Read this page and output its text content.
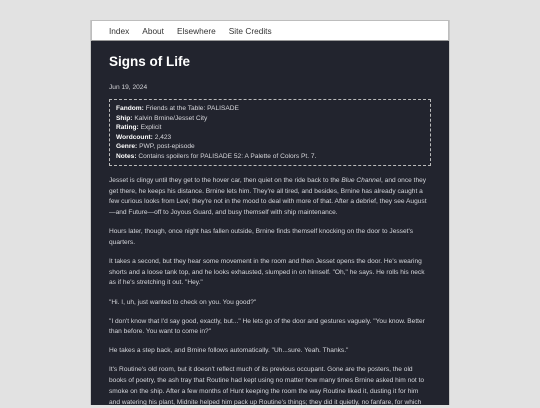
Index About Elsewhere Site Credits
Signs of Life
Jun 19, 2024
Fandom: Friends at the Table: PALISADE
Ship: Kalvin Brnine/Jesset City
Rating: Explicit
Wordcount: 2,423
Genre: PWP, post-episode
Notes: Contains spoilers for PALISADE 52: A Palette of Colors Pt. 7.

Jesset is clingy until they get to the hover car, then quiet on the ride back to the Blue Channel, and once they get there, he keeps his distance. Brnine lets him. They're all tired, and besides, Brnine has already caught a few curious looks from Levi; they're not in the mood to deal with more of that. After a debrief, they see August—and Future—off to Joyous Guard, and busy themself with ship maintenance.

Hours later, though, once night has fallen outside, Brnine finds themself knocking on the door to Jesset's quarters.

It takes a second, but they hear some movement in the room and then Jesset opens the door. He's wearing shorts and a loose tank top, and he looks exhausted, slumped in on himself. "Oh," he says. He rolls his neck as if he's stretching it out. "Hey."

"Hi. I, uh, just wanted to check on you. You good?"

"I don't know that I'd say good, exactly, but..." He lets go of the door and gestures vaguely. "You know. Better than before. You want to come in?"

He takes a step back, and Brnine follows automatically. "Uh...sure. Yeah. Thanks."

It's Routine's old room, but it doesn't reflect much of its previous occupant. Gone are the posters, the old books of poetry, the ash tray that Routine had kept using no matter how many times Brnine asked him not to smoke on the ship. After a few months of Hunt keeping the room the way Routine liked it, dusting it for him and watering his plant, Midnite helped him pack up Routine's things; they did it quietly, no fanfare, for which
